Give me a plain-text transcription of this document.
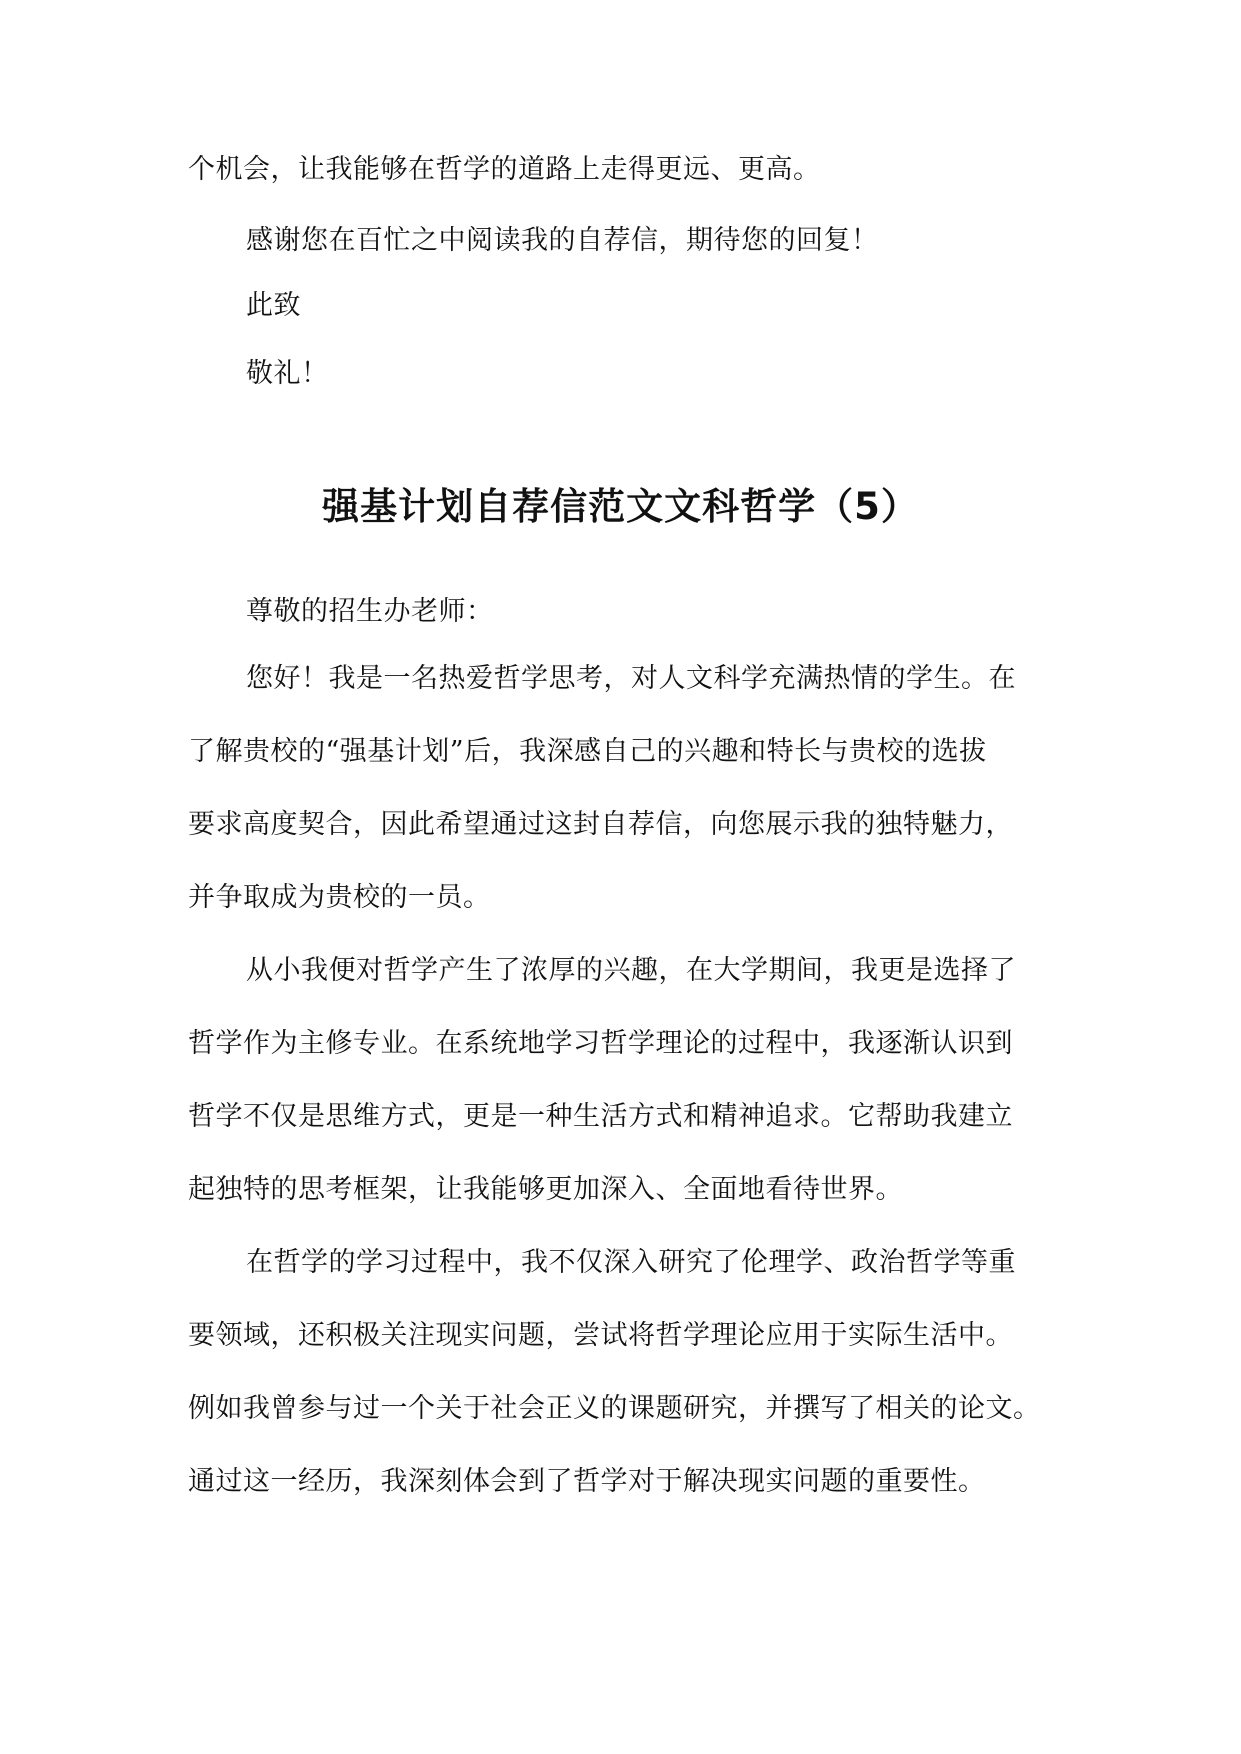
个机会，让我能够在哲学的道路上走得更远、更高。
感谢您在百忙之中阅读我的自荐信，期待您的回复！
此致
敬礼！
强基计划自荐信范文文科哲学（5）
尊敬的招生办老师：
您好！我是一名热爱哲学思考，对人文科学充满热情的学生。在
了解贵校的“强基计划”后，我深感自己的兴趣和特长与贵校的选拔
要求高度契合，因此希望通过这封自荐信，向您展示我的独特魅力，
并争取成为贵校的一员。
从小我便对哲学产生了浓厚的兴趣，在大学期间，我更是选择了
哲学作为主修专业。在系统地学习哲学理论的过程中，我逐渐认识到
哲学不仅是思维方式，更是一种生活方式和精神追求。它帮助我建立
起独特的思考框架，让我能够更加深入、全面地看待世界。
在哲学的学习过程中，我不仅深入研究了伦理学、政治哲学等重
要领域，还积极关注现实问题，尝试将哲学理论应用于实际生活中。
例如我曾参与过一个关于社会正义的课题研究，并撰写了相关的论文。
通过这一经历，我深刻体会到了哲学对于解决现实问题的重要性。
